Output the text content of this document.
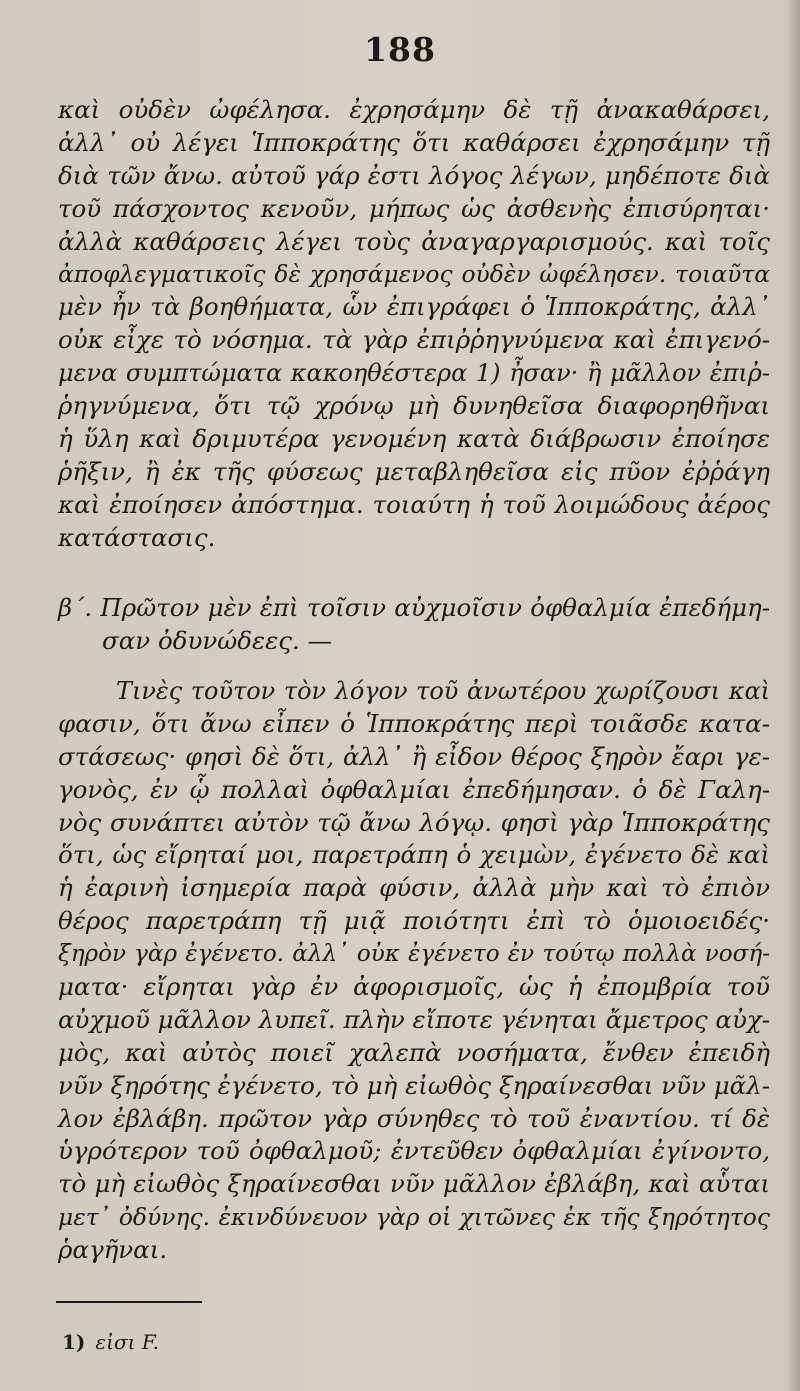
188
καὶ οὐδὲν ὠφέλησα. ἐχρησάμην δὲ τῇ ἀνακαθάρσει,
ἀλλ᾽ οὐ λέγει Ἱπποκράτης ὅτι καθάρσει ἐχρησάμην τῇ
διὰ τῶν ἄνω. αὐτοῦ γάρ ἐστι λόγος λέγων, μηδέποτε διὰ
τοῦ πάσχοντος κενοῦν, μήπως ὡς ἀσθενὴς ἐπισύρηται·
ἀλλὰ καθάρσεις λέγει τοὺς ἀναγαργαρισμούς. καὶ τοῖς
ἀποφλεγματικοῖς δὲ χρησάμενος οὐδὲν ὠφέλησεν. τοιαῦτα
μὲν ἦν τὰ βοηθήματα, ὧν ἐπιγράφει ὁ Ἱπποκράτης, ἀλλ᾽
οὐκ εἶχε τὸ νόσημα. τὰ γὰρ ἐπιῤῥηγνύμενα καὶ ἐπιγενό-
μενα συμπτώματα κακοηθέστερα 1) ἦσαν· ἢ μᾶλλον ἐπιῤ-
ῥηγνύμενα, ὅτι τῷ χρόνῳ μὴ δυνηθεῖσα διαφορηθῆναι
ἡ ὕλη καὶ δριμυτέρα γενομένη κατὰ διάβρωσιν ἐποίησε
ῥῆξιν, ἢ ἐκ τῆς φύσεως μεταβληθεῖσα εἰς πῦον ἐῤῥάγη
καὶ ἐποίησεν ἀπόστημα. τοιαύτη ἡ τοῦ λοιμώδους ἀέρος
κατάστασις.
β΄. Πρῶτον μὲν ἐπὶ τοῖσιν αὐχμοῖσιν ὀφθαλμία ἐπεδήμη-
σαν ὀδυνώδεες. —
Τινὲς τοῦτον τὸν λόγον τοῦ ἀνωτέρου χωρίζουσι καὶ
φασιν, ὅτι ἄνω εἶπεν ὁ Ἱπποκράτης περὶ τοιᾶσδε κατα-
στάσεως· φησὶ δὲ ὅτι, ἀλλ᾽ ἢ εἶδον θέρος ξηρὸν ἔαρι γε-
γονὸς, ἐν ᾧ πολλαὶ ὀφθαλμίαι ἐπεδήμησαν. ὁ δὲ Γαλη-
νὸς συνάπτει αὐτὸν τῷ ἄνω λόγῳ. φησὶ γὰρ Ἱπποκράτης
ὅτι, ὡς εἴρηταί μοι, παρετράπη ὁ χειμὼν, ἐγένετο δὲ καὶ
ἡ ἐαρινὴ ἰσημερία παρὰ φύσιν, ἀλλὰ μὴν καὶ τὸ ἐπιὸν
θέρος παρετράπη τῇ μιᾷ ποιότητι ἐπὶ τὸ ὁμοιοειδές·
ξηρὸν γὰρ ἐγένετο. ἀλλ᾽ οὐκ ἐγένετο ἐν τούτῳ πολλὰ νοσή-
ματα· εἴρηται γὰρ ἐν ἀφορισμοῖς, ὡς ἡ ἐπομβρία τοῦ
αὐχμοῦ μᾶλλον λυπεῖ. πλὴν εἴποτε γένηται ἄμετρος αὐχ-
μὸς, καὶ αὐτὸς ποιεῖ χαλεπὰ νοσήματα, ἔνθεν ἐπειδὴ
νῦν ξηρότης ἐγένετο, τὸ μὴ εἰωθὸς ξηραίνεσθαι νῦν μᾶλ-
λον ἐβλάβη. πρῶτον γὰρ σύνηθες τὸ τοῦ ἐναντίου. τί δὲ
ὑγρότερον τοῦ ὀφθαλμοῦ; ἐντεῦθεν ὀφθαλμίαι ἐγίνοντο,
τὸ μὴ εἰωθὸς ξηραίνεσθαι νῦν μᾶλλον ἐβλάβη, καὶ αὗται
μετ᾽ ὀδύνης. ἐκινδύνευον γὰρ οἱ χιτῶνες ἐκ τῆς ξηρότητος
ῥαγῆναι.
1) εἰσι F.
